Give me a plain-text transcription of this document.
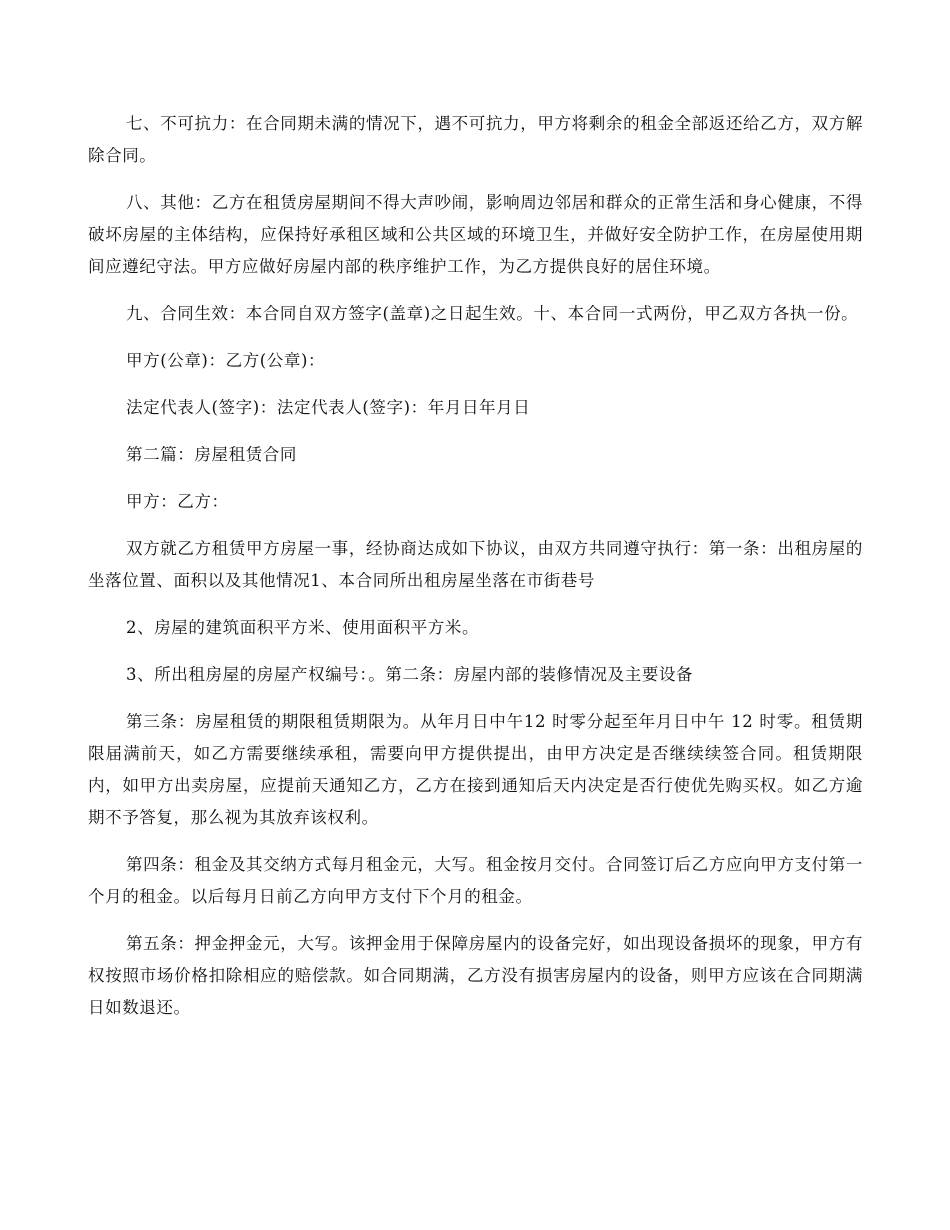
七、不可抗力：在合同期未满的情况下，遇不可抗力，甲方将剩余的租金全部返还给乙方，双方解除合同。

八、其他：乙方在租赁房屋期间不得大声吵闹，影响周边邻居和群众的正常生活和身心健康，不得破坏房屋的主体结构，应保持好承租区域和公共区域的环境卫生，并做好安全防护工作，在房屋使用期间应遵纪守法。甲方应做好房屋内部的秩序维护工作，为乙方提供良好的居住环境。

九、合同生效：本合同自双方签字(盖章)之日起生效。十、本合同一式两份，甲乙双方各执一份。

甲方(公章)：乙方(公章)：

法定代表人(签字)：法定代表人(签字)：年月日年月日

第二篇：房屋租赁合同

甲方：乙方：

双方就乙方租赁甲方房屋一事，经协商达成如下协议，由双方共同遵守执行：第一条：出租房屋的坐落位置、面积以及其他情况1、本合同所出租房屋坐落在市街巷号

2、房屋的建筑面积平方米、使用面积平方米。

3、所出租房屋的房屋产权编号：。第二条：房屋内部的装修情况及主要设备

第三条：房屋租赁的期限租赁期限为。从年月日中午12 时零分起至年月日中午 12 时零。租赁期限届满前天，如乙方需要继续承租，需要向甲方提供提出，由甲方决定是否继续续签合同。租赁期限内，如甲方出卖房屋，应提前天通知乙方，乙方在接到通知后天内决定是否行使优先购买权。如乙方逾期不予答复，那么视为其放弃该权利。

第四条：租金及其交纳方式每月租金元，大写。租金按月交付。合同签订后乙方应向甲方支付第一个月的租金。以后每月日前乙方向甲方支付下个月的租金。

第五条：押金押金元，大写。该押金用于保障房屋内的设备完好，如出现设备损坏的现象，甲方有权按照市场价格扣除相应的赔偿款。如合同期满，乙方没有损害房屋内的设备，则甲方应该在合同期满日如数退还。
